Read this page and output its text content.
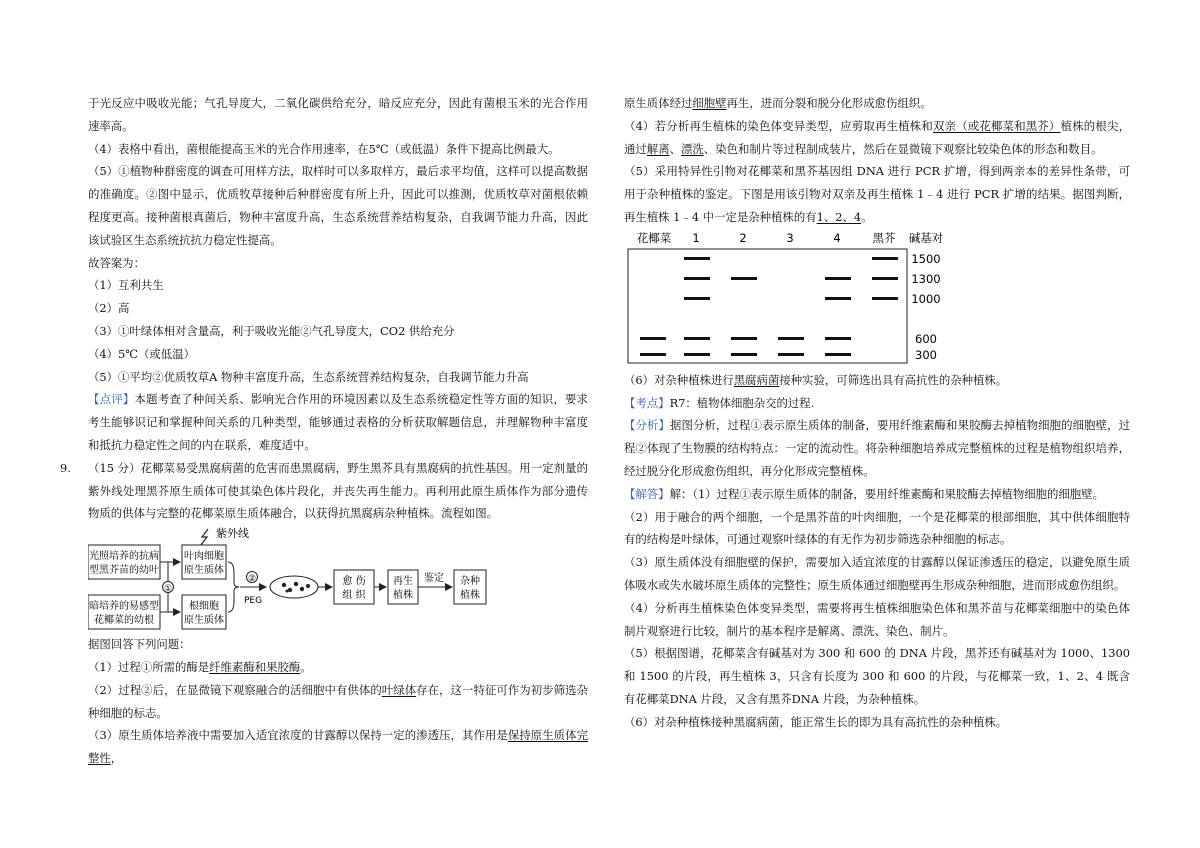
于光反应中吸收光能；气孔导度大，二氧化碳供给充分，暗反应充分，因此有菌根玉米的光合作用速率高。

（4）表格中看出，菌根能提高玉米的光合作用速率，在5℃（或低温）条件下提高比例最大。

（5）①植物种群密度的调查可用样方法，取样时可以多取样方，最后求平均值，这样可以提高数据的准确度。②图中显示，优质牧草接种后种群密度有所上升，因此可以推测，优质牧草对菌根依赖程度更高。接种菌根真菌后，物种丰富度升高，生态系统营养结构复杂，自我调节能力升高，因此该试验区生态系统抗抗力稳定性提高。

故答案为：

（1）互利共生

（2）高

（3）①叶绿体相对含量高，利于吸收光能②气孔导度大，CO2 供给充分

（4）5℃（或低温）

（5）①平均②优质牧草A 物种丰富度升高，生态系统营养结构复杂，自我调节能力升高

【点评】本题考查了种间关系、影响光合作用的环境因素以及生态系统稳定性等方面的知识，要求考生能够识记和掌握种间关系的几种类型，能够通过表格的分析获取解题信息，并理解物种丰富度和抵抗力稳定性之间的内在联系，难度适中。

9. （15 分）花椰菜易受黑腐病菌的危害而患黑腐病，野生黑芥具有黑腐病的抗性基因。用一定剂量的紫外线处理黑芥原生质体可使其染色体片段化，并丧失再生能力。再利用此原生质体作为部分遗传物质的供体与完整的花椰菜原生质体融合，以获得抗黑腐病杂种植株。流程如图。

光照培养的抗病
型黑芥苗的幼叶
暗培养的易感型
花椰菜的幼根
①
叶肉细胞
原生质体
根细胞
原生质体
紫外线
②
PEG
愈 伤
组 织
再生
植株
鉴定 杂种
植株

据图回答下列问题：

（1）过程①所需的酶是纤维素酶和果胶酶。

（2）过程②后，在显微镜下观察融合的活细胞中有供体的叶绿体存在，这一特征可作为初步筛选杂种细胞的标志。

（3）原生质体培养液中需要加入适宜浓度的甘露醇以保持一定的渗透压，其作用是保持原生质体完整性，

原生质体经过细胞壁再生，进而分裂和脱分化形成愈伤组织。

（4）若分析再生植株的染色体变异类型，应剪取再生植株和双亲（或花椰菜和黑芥）植株的根尖，通过解离、漂洗、染色和制片等过程制成装片，然后在显微镜下观察比较染色体的形态和数目。

（5）采用特异性引物对花椰菜和黑芥基因组 DNA 进行 PCR 扩增，得到两亲本的差异性条带，可用于杂种植株的鉴定。下图是用该引物对双亲及再生植株 1﹣4 进行 PCR 扩增的结果。据图判断，再生植株 1﹣4 中一定是杂种植株的有1、2、4。

花椰菜 1	2	3	4	黑芥 碱基对
1500
1300
1000
600
300

（6）对杂种植株进行黑腐病菌接种实验，可筛选出具有高抗性的杂种植株。

【考点】R7：植物体细胞杂交的过程.

【分析】据图分析，过程①表示原生质体的制备，要用纤维素酶和果胶酶去掉植物细胞的细胞壁，过程②体现了生物膜的结构特点：一定的流动性。将杂种细胞培养成完整植株的过程是植物组织培养，经过脱分化形成愈伤组织，再分化形成完整植株。

【解答】解：（1）过程①表示原生质体的制备，要用纤维素酶和果胶酶去掉植物细胞的细胞壁。

（2）用于融合的两个细胞，一个是黑芥苗的叶肉细胞，一个是花椰菜的根部细胞，其中供体细胞特有的结构是叶绿体，可通过观察叶绿体的有无作为初步筛选杂种细胞的标志。

（3）原生质体没有细胞壁的保护，需要加入适宜浓度的甘露醇以保证渗透压的稳定，以避免原生质体吸水或失水破坏原生质体的完整性；原生质体通过细胞壁再生形成杂种细胞，进而形成愈伤组织。

（4）分析再生植株染色体变异类型，需要将再生植株细胞染色体和黑芥苗与花椰菜细胞中的染色体制片观察进行比较，制片的基本程序是解离、漂洗、染色、制片。

（5）根据图谱，花椰菜含有碱基对为 300 和 600 的 DNA 片段，黑芥还有碱基对为 1000、1300 和 1500 的片段，再生植株 3，只含有长度为 300 和 600 的片段，与花椰菜一致，1、2、4 既含有花椰菜DNA 片段，又含有黑芥DNA 片段，为杂种植株。

（6）对杂种植株接种黑腐病菌，能正常生长的即为具有高抗性的杂种植株。
